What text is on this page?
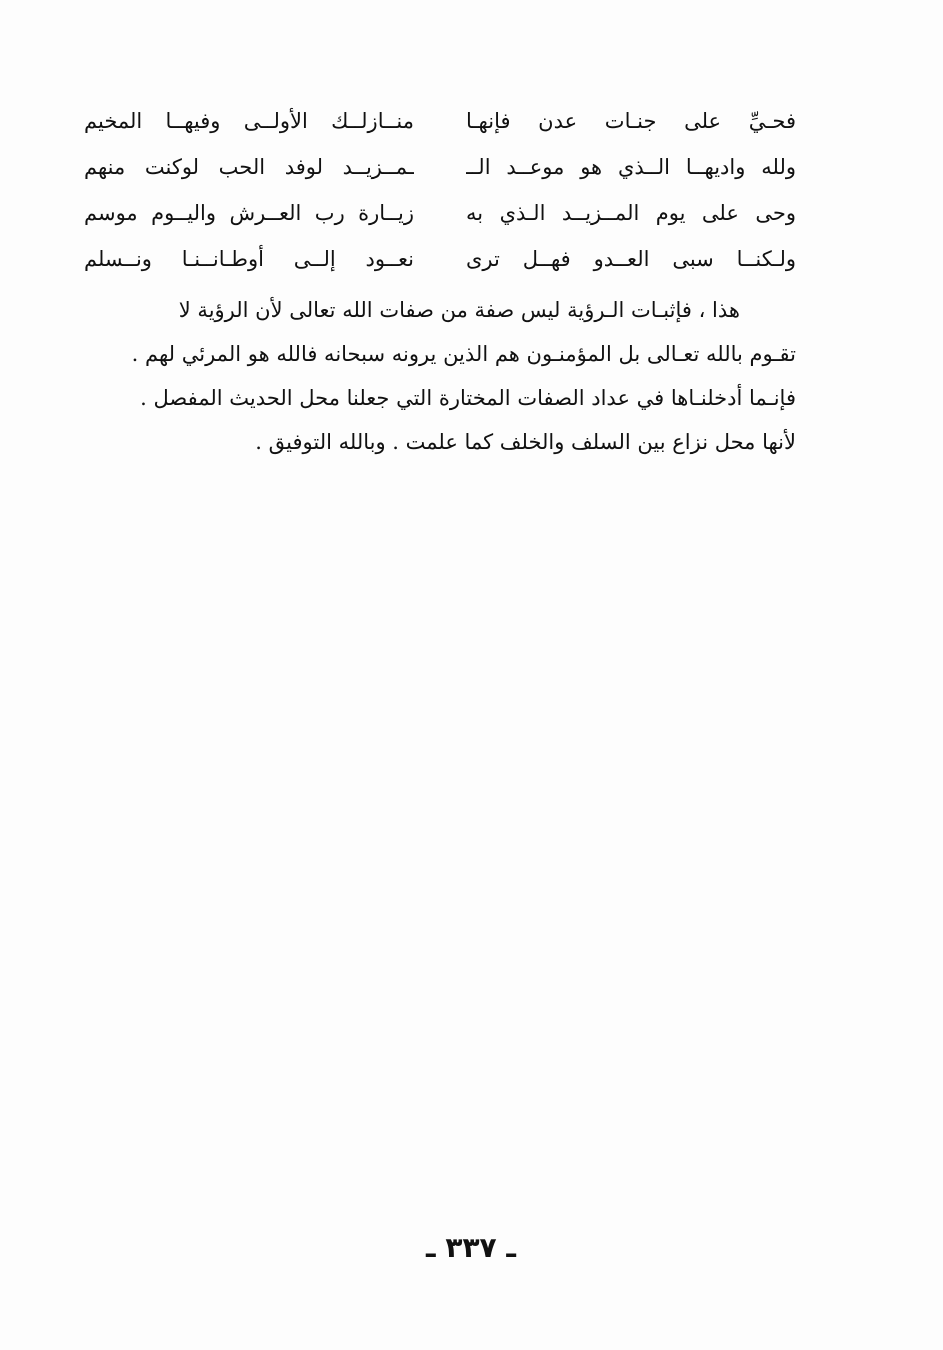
فحـيِّ على جنـات عدن فإنهـا
منــازلــك الأولــى وفيهــا المخيم
ولله واديهــا الــذي هو موعــد الــ
ـمــزيــد لوفد الحب لوكنت منهم
وحى على يوم المــزيــد الـذي به
زيــارة رب العــرش واليــوم موسم
ولـكنــا سبى العــدو فهــل ترى
نعــود إلــى أوطـانــنـا ونــسلم
هذا ، فإثبـات الـرؤية ليس صفة من صفات الله تعالى لأن الرؤية لا
تقـوم بالله تعـالى بل المؤمنـون هم الذين يرونه سبحانه فالله هو المرئي لهم .
فإنـما أدخلنـاها في عداد الصفات المختارة التي جعلنا محل الحديث المفصل .
لأنها محل نزاع بين السلف والخلف كما علمت . وبالله التوفيق .
ـ ٣٣٧ ـ
